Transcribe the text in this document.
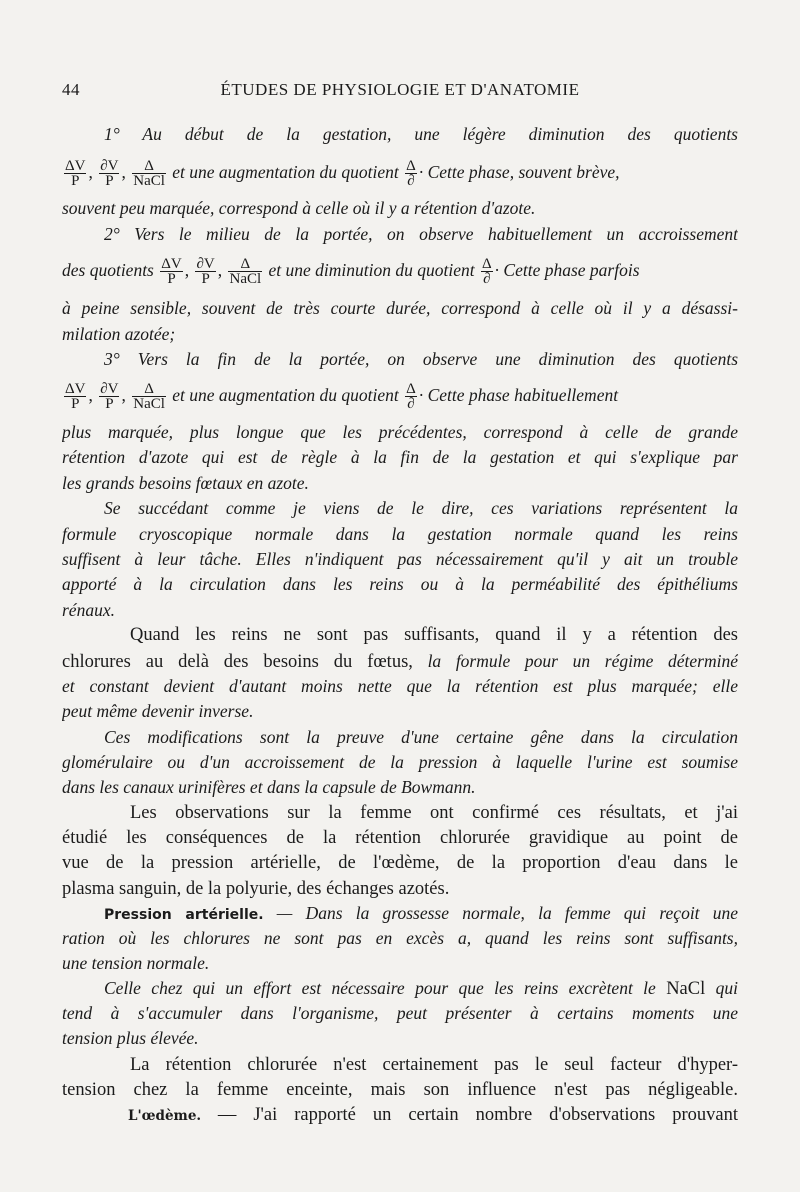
44	ÉTUDES DE PHYSIOLOGIE ET D'ANATOMIE
1° Au début de la gestation, une légère diminution des quotients
$\frac{\Delta V}{P}$ , $\frac{\partial V}{P}$ , $\frac{\Delta}{\text{NaCl}}$ et une augmentation du quotient $\frac{\Delta}{\partial}$ · Cette phase, souvent brève,
souvent peu marquée, correspond à celle où il y a rétention d'azote.
2° Vers le milieu de la portée, on observe habituellement un accroissement
des quotients $\frac{\Delta V}{P}$ , $\frac{\partial V}{P}$ , $\frac{\Delta}{\text{NaCl}}$ et une diminution du quotient $\frac{\Delta}{\partial}$ · Cette phase parfois
à peine sensible, souvent de très courte durée, correspond à celle où il y a désassi-
milation azotée;
3° Vers la fin de la portée, on observe une diminution des quotients
$\frac{\Delta V}{P}$ , $\frac{\partial V}{P}$ , $\frac{\Delta}{\text{NaCl}}$ et une augmentation du quotient $\frac{\Delta}{\partial}$ · Cette phase habituellement
plus marquée, plus longue que les précédentes, correspond à celle de grande
rétention d'azote qui est de règle à la fin de la gestation et qui s'explique par
les grands besoins fœtaux en azote.
Se succédant comme je viens de le dire, ces variations représentent la
formule cryoscopique normale dans la gestation normale quand les reins
suffisent à leur tâche. Elles n'indiquent pas nécessairement qu'il y ait un trouble
apporté à la circulation dans les reins ou à la perméabilité des épithéliums
rénaux.
Quand les reins ne sont pas suffisants, quand il y a rétention des
chlorures au delà des besoins du fœtus, la formule pour un régime déterminé
et constant devient d'autant moins nette que la rétention est plus marquée; elle
peut même devenir inverse.
Ces modifications sont la preuve d'une certaine gêne dans la circulation
glomérulaire ou d'un accroissement de la pression à laquelle l'urine est soumise
dans les canaux urinifères et dans la capsule de Bowmann.
Les observations sur la femme ont confirmé ces résultats, et j'ai
étudié les conséquences de la rétention chlorurée gravidique au point de
vue de la pression artérielle, de l'œdème, de la proportion d'eau dans le
plasma sanguin, de la polyurie, des échanges azotés.
Pression artérielle. — Dans la grossesse normale, la femme qui reçoit une
ration où les chlorures ne sont pas en excès a, quand les reins sont suffisants,
une tension normale.
Celle chez qui un effort est nécessaire pour que les reins excrètent le NaCl qui
tend à s'accumuler dans l'organisme, peut présenter à certains moments une
tension plus élevée.
La rétention chlorurée n'est certainement pas le seul facteur d'hyper-
tension chez la femme enceinte, mais son influence n'est pas négligeable.
L'œdème. — J'ai rapporté un certain nombre d'observations prouvant
